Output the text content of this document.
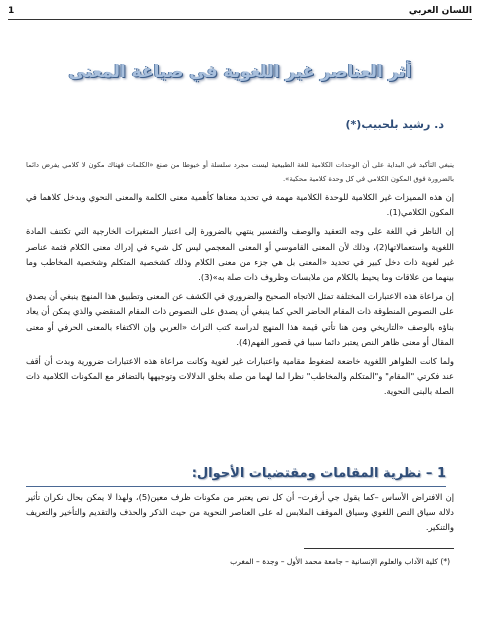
1	اللسان العربي
أثر العناصر غير اللغوية في صياغة المعنى
د. رشيد بلحبيب(*)

ينبغي التأكيد في البداية على أن الوحدات الكلامية للغة الطبيعية ليست مجرد سلسلة أو خيوطا من صنع «الكلمات فهناك مكون لا كلامي يفرض دائما بالضرورة فوق المكون الكلامي في كل وحدة كلامية محكية».

إن هذه المميزات غير الكلامية للوحدة الكلامية مهمة في تحديد معناها كأهمية معنى الكلمة والمعنى النحوي وبدخل كلاهما في المكون الكلامي(1).

إن الناظر في اللغة على وجه التعقيد والوصف والتفسير ينتهي بالضرورة إلى اعتبار المتغيرات الخارجية التي تكتنف المادة اللغوية واستعمالاتها(2)، وذلك لأن المعنى القاموسي أو المعنى المعجمي ليس كل شيء في إدراك معنى الكلام فثمة عناصر غير لغوية ذات دخل كبير في تحديد «المعنى بل هي جزء من معنى الكلام وذلك كشخصية المتكلم وشخصية المخاطب وما بينهما من علاقات وما يحيط بالكلام من ملابسات وظروف ذات صلة به»(3).

إن مراعاة هذه الاعتبارات المختلفة تمثل الاتجاه الصحيح والضروري في الكشف عن المعنى وتطبيق هذا المنهج ينبغي أن يصدق على النصوص المنطوقة ذات المقام الحاضر الحي كما ينبغي أن يصدق على النصوص ذات المقام المنقضي والذي يمكن أن يعاد بناؤه بالوصف «التاريخي ومن هنا تأتي قيمة هذا المنهج لدراسة كتب التراث «العربي وإن الاكتفاء بالمعنى الحرفي أو معنى المقال أو معنى ظاهر النص يعتبر دائما سببا في قصور الفهم(4).

ولما كانت الظواهر اللغوية خاضعة لضغوط مقامية واعتبارات غير لغوية وكانت مراعاة هذه الاعتبارات ضرورية وبدت أن أقف عند فكرتي "المقام" و"المتكلم والمخاطب" نظرا لما لهما من صلة بخلق الدلالات وتوجيهها بالتضافر مع المكونات الكلامية ذات الصلة بالبنى النحوية.

1 – نظرية المقامات ومقتضيات الأحوال:

إن الافتراض الأساس –كما يقول جي أرفرت– أن كل نص يعتبر من مكونات ظرف معين(5)، ولهذا لا يمكن بحال نكران تأثير دلالة سياق النص اللغوي وسياق الموقف الملابس له على العناصر النحوية من حيث الذكر والحذف والتقديم والتأخير والتعريف والتنكير.

(*) كلية الآداب والعلوم الإنسانية – جامعة محمد الأول – وجدة – المغرب
